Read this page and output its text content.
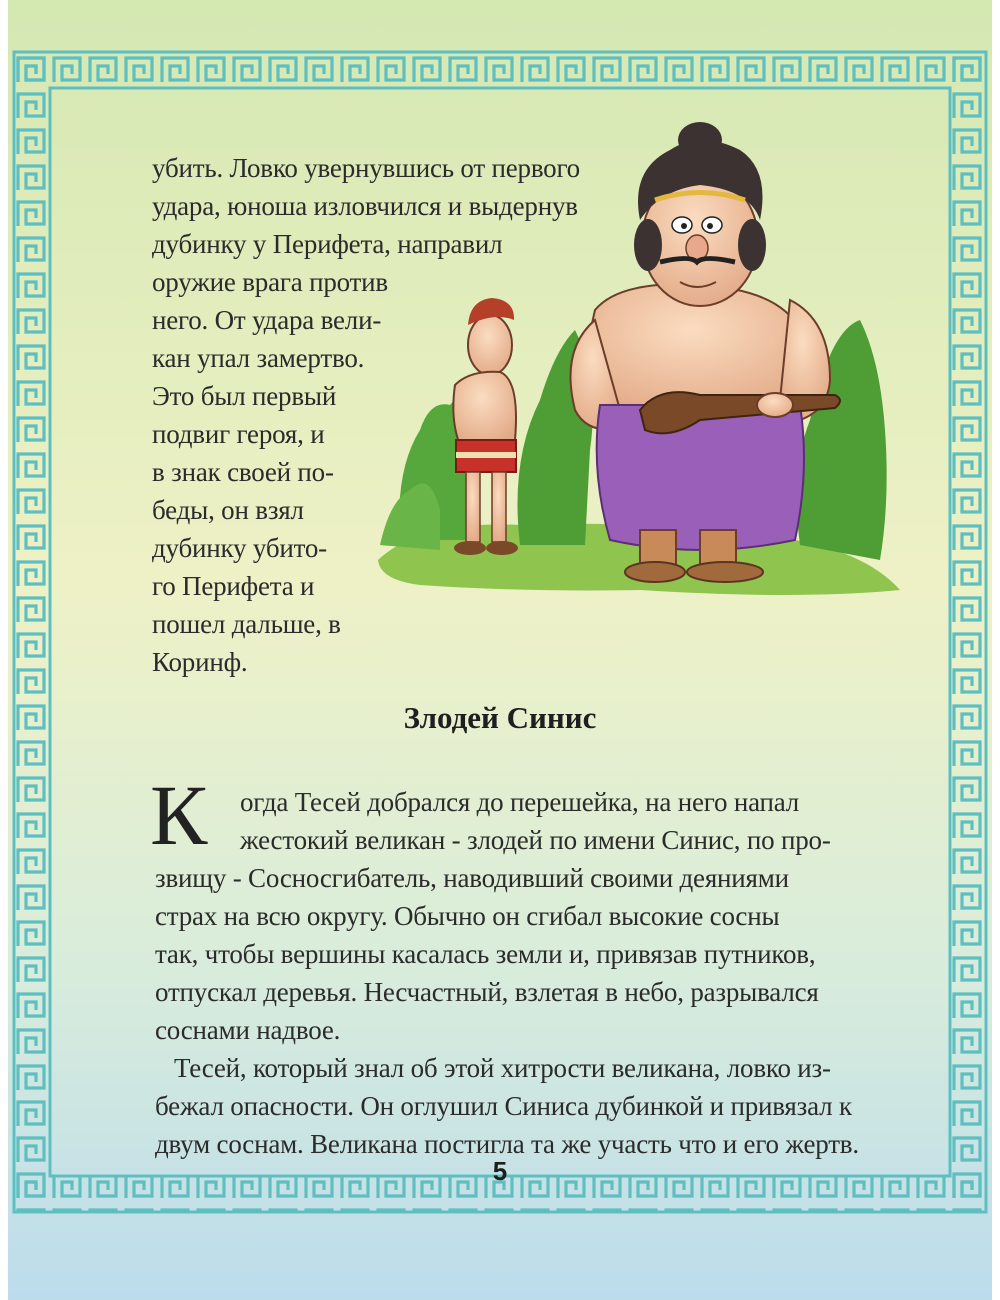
убить. Ловко увернувшись от первого
удара, юноша изловчился и выдернув
дубинку у Перифета, направил
оружие врага против
него. От удара вели-
кан упал замертво.
Это был первый
подвиг героя, и
в знак своей по-
беды, он взял
дубинку убито-
го Перифета и
пошел дальше, в
Коринф.
Злодей Синис
К огда Тесей добрался до перешейка, на него напал
жестокий великан - злодей по имени Синис, по про-
звищу - Сосносгибатель, наводивший своими деяниями
страх на всю округу. Обычно он сгибал высокие сосны
так, чтобы вершины касалась земли и, привязав путников,
отпускал деревья. Несчастный, взлетая в небо, разрывался
соснами надвое.
Тесей, который знал об этой хитрости великана, ловко из-
бежал опасности. Он оглушил Синиса дубинкой и привязал к
двум соснам. Великана постигла та же участь что и его жертв.
5
